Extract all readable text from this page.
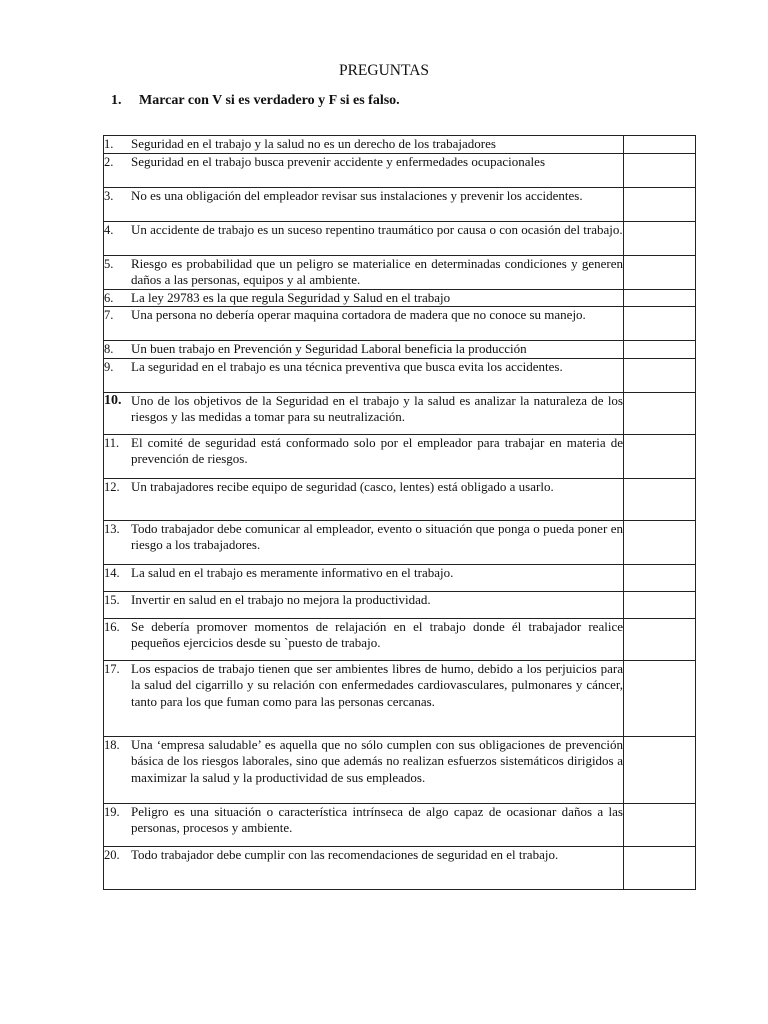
PREGUNTAS
1. Marcar con V si es verdadero y F si es falso.
1. Seguridad en el trabajo y la salud no es un derecho de los trabajadores	

2. Seguridad en el trabajo busca prevenir accidente y enfermedades ocupacionales	

3. No es una obligación del empleador revisar sus instalaciones y prevenir los accidentes.	

4. Un accidente de trabajo es un suceso repentino traumático por causa o con ocasión del trabajo.	

5. Riesgo es probabilidad que un peligro se materialice en determinadas condiciones y generen daños a las personas, equipos y al ambiente.	

6. La ley 29783 es la que regula Seguridad y Salud en el trabajo	

7. Una persona no debería operar maquina cortadora de madera que no conoce su manejo.	

8. Un buen trabajo en Prevención y Seguridad Laboral beneficia la producción	

9. La seguridad en el trabajo es una técnica preventiva que busca evita los accidentes.	

10. Uno de los objetivos de la Seguridad en el trabajo y la salud es analizar la naturaleza de los riesgos y las medidas a tomar para su neutralización.	

11. El comité de seguridad está conformado solo por el empleador para trabajar en materia de prevención de riesgos.	

12. Un trabajadores recibe equipo de seguridad (casco, lentes) está obligado a usarlo.	

13. Todo trabajador debe comunicar al empleador, evento o situación que ponga o pueda poner en riesgo a los trabajadores.	

14. La salud en el trabajo es meramente informativo en el trabajo.	

15. Invertir en salud en el trabajo no mejora la productividad.	

16. Se debería promover momentos de relajación en el trabajo donde él trabajador realice pequeños ejercicios desde su `puesto de trabajo.	

17. Los espacios de trabajo tienen que ser ambientes libres de humo, debido a los perjuicios para la salud del cigarrillo y su relación con enfermedades cardiovasculares, pulmonares y cáncer, tanto para los que fuman como para las personas cercanas.	

18. Una ‘empresa saludable’ es aquella que no sólo cumplen con sus obligaciones de prevención básica de los riesgos laborales, sino que además no realizan esfuerzos sistemáticos dirigidos a maximizar la salud y la productividad de sus empleados.	

19. Peligro es una situación o característica intrínseca de algo capaz de ocasionar daños a las personas, procesos y ambiente.	

20. Todo trabajador debe cumplir con las recomendaciones de seguridad en el trabajo.	
